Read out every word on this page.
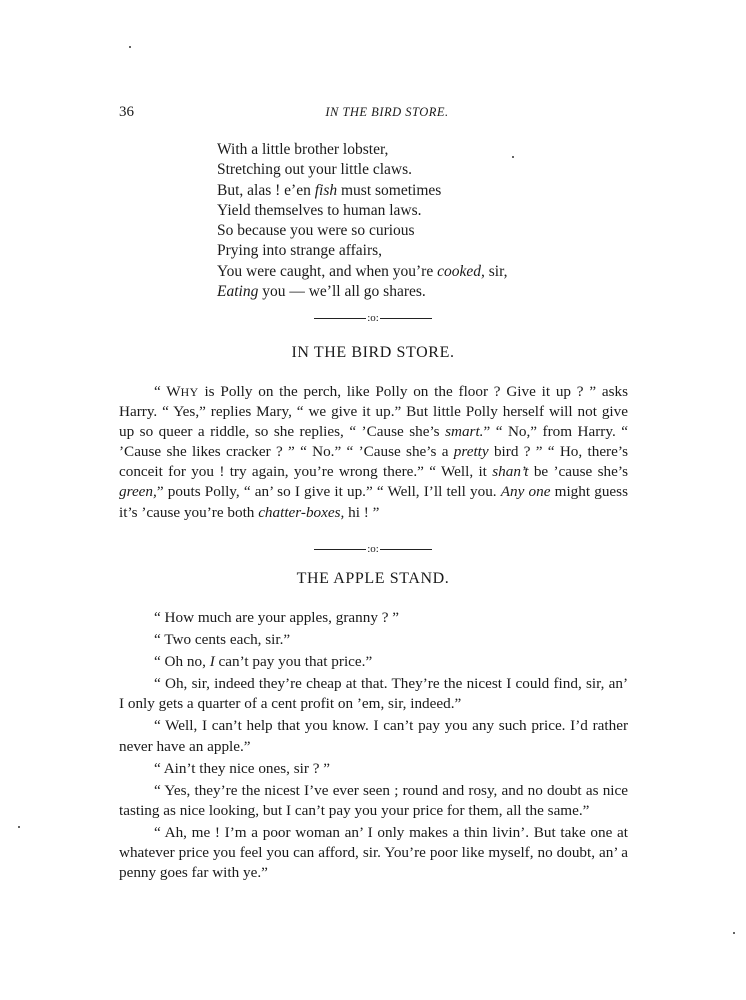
36	IN THE BIRD STORE.
With a little brother lobster,
Stretching out your little claws.
But, alas ! e’en fish must sometimes
Yield themselves to human laws.
So because you were so curious
Prying into strange affairs,
You were caught, and when you’re cooked, sir,
Eating you — we’ll all go shares.
:o:
IN THE BIRD STORE.

“ WHY is Polly on the perch, like Polly on the floor ? Give it up ? ” asks Harry. “ Yes,” replies Mary, “ we give it up.” But little Polly herself will not give up so queer a riddle, so she replies, “ ’Cause she’s smart.” “ No,” from Harry. “ ’Cause she likes cracker ? ” “ No.” “ ’Cause she’s a pretty bird ? ” “ Ho, there’s conceit for you ! try again, you’re wrong there.” “ Well, it shan’t be ’cause she’s green,” pouts Polly, “ an’ so I give it up.” “ Well, I’ll tell you. Any one might guess it’s ’cause you’re both chatter-boxes, hi ! ”

:o:
THE APPLE STAND.

“ How much are your apples, granny ? ”

“ Two cents each, sir.”

“ Oh no, I can’t pay you that price.”

“ Oh, sir, indeed they’re cheap at that. They’re the nicest I could find, sir, an’ I only gets a quarter of a cent profit on ’em, sir, indeed.”

“ Well, I can’t help that you know. I can’t pay you any such price. I’d rather never have an apple.”

“ Ain’t they nice ones, sir ? ”

“ Yes, they’re the nicest I’ve ever seen ; round and rosy, and no doubt as nice tasting as nice looking, but I can’t pay you your price for them, all the same.”

“ Ah, me ! I’m a poor woman an’ I only makes a thin livin’. But take one at whatever price you feel you can afford, sir. You’re poor like myself, no doubt, an’ a penny goes far with ye.”
